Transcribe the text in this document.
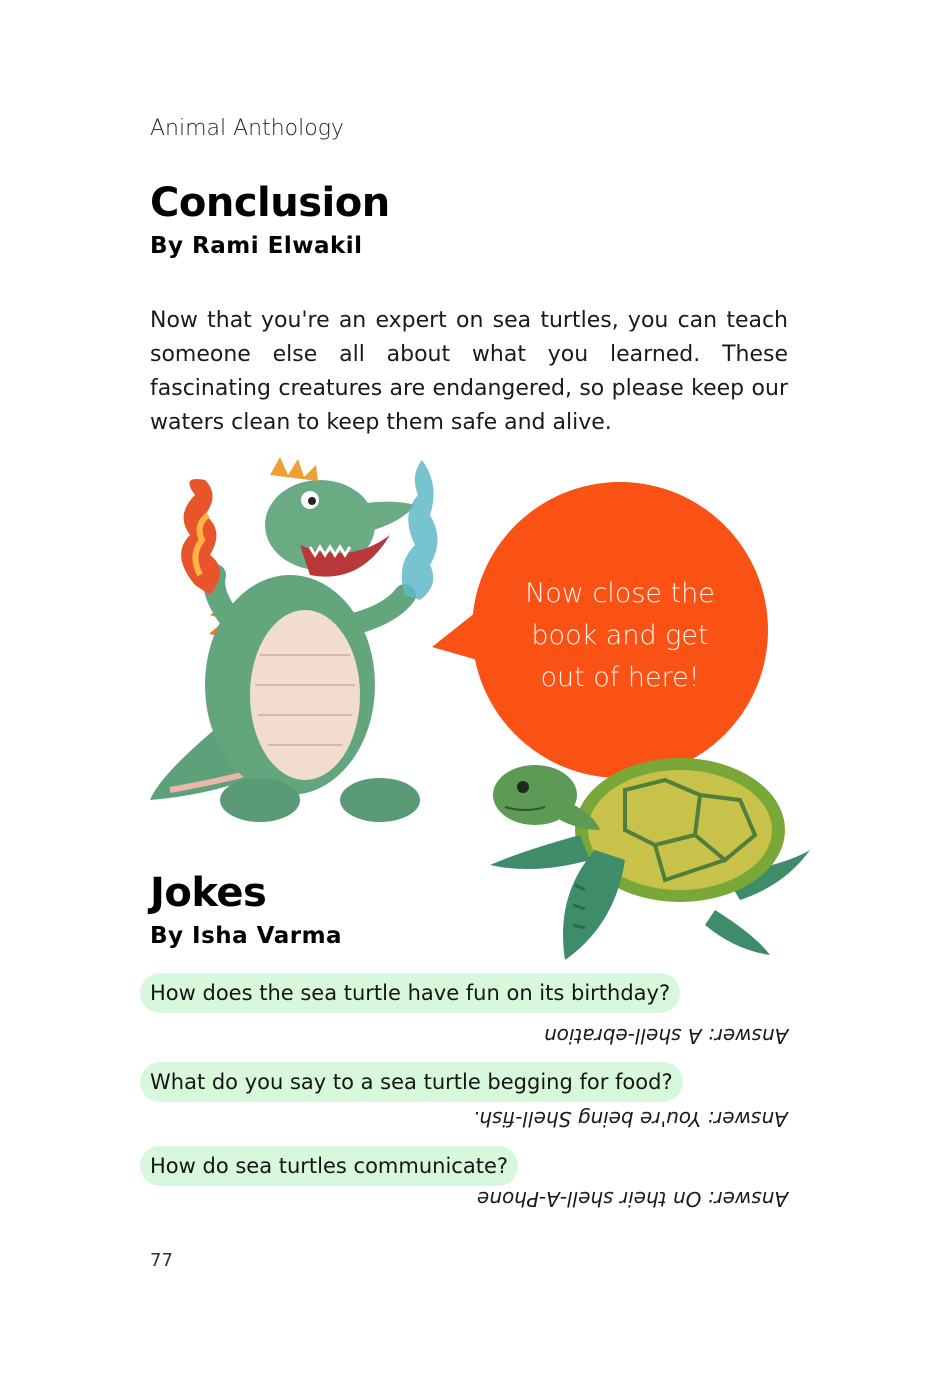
Animal Anthology
Conclusion
By Rami Elwakil
Now that you're an expert on sea turtles, you can teach someone else all about what you learned. These fascinating creatures are endangered, so please keep our waters clean to keep them safe and alive.
Now close the
book and get
out of here!
Jokes
By Isha Varma
How does the sea turtle have fun on its birthday?
Answer: A shell-ebration
What do you say to a sea turtle begging for food?
Answer: You're being Shell-fish.
How do sea turtles communicate?
Answer: On their shell-A-Phone
77
